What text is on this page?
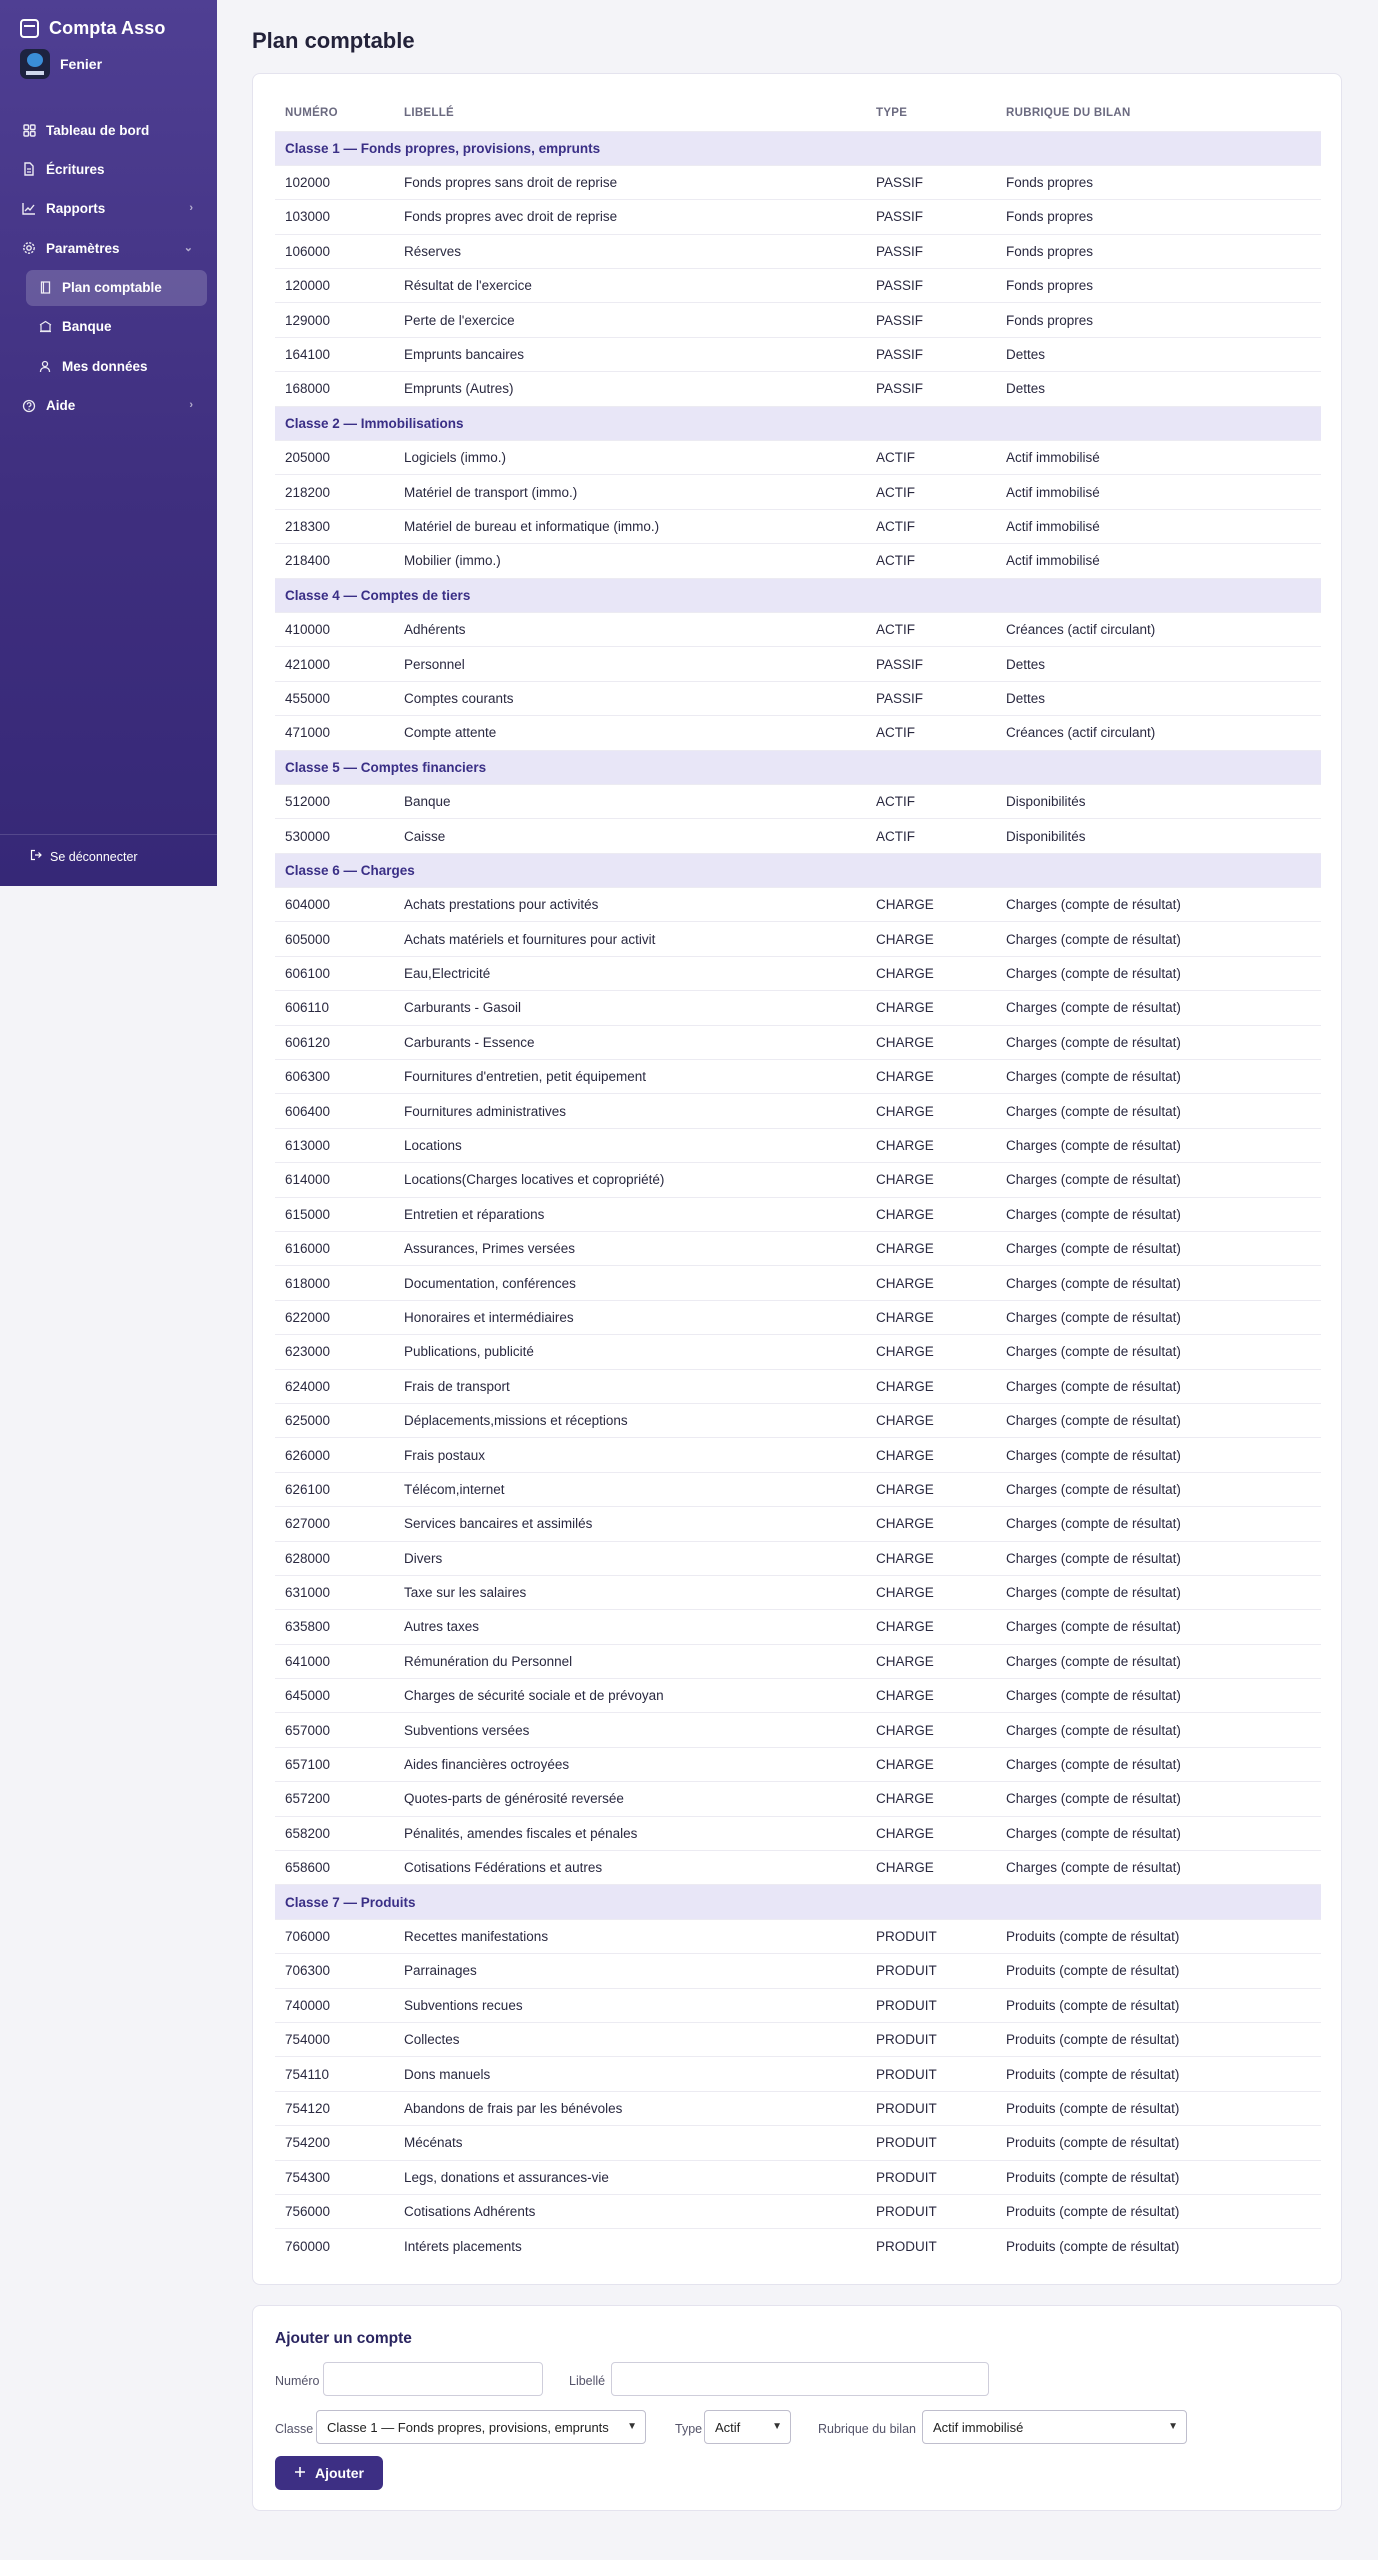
Compta Asso
Fenier
Tableau de bord
Écritures
Rapports	›
Paramètres	⌄
Plan comptable
Banque
Mes données
Aide	›
Se déconnecter
Plan comptable
NUMÉRO	LIBELLÉ	TYPE	RUBRIQUE DU BILAN
Classe 1 — Fonds propres, provisions, emprunts			
102000	Fonds propres sans droit de reprise	PASSIF	Fonds propres
103000	Fonds propres avec droit de reprise	PASSIF	Fonds propres
106000	Réserves	PASSIF	Fonds propres
120000	Résultat de l'exercice	PASSIF	Fonds propres
129000	Perte de l'exercice	PASSIF	Fonds propres
164100	Emprunts bancaires	PASSIF	Dettes
168000	Emprunts (Autres)	PASSIF	Dettes
Classe 2 — Immobilisations			
205000	Logiciels (immo.)	ACTIF	Actif immobilisé
218200	Matériel de transport (immo.)	ACTIF	Actif immobilisé
218300	Matériel de bureau et informatique (immo.)	ACTIF	Actif immobilisé
218400	Mobilier (immo.)	ACTIF	Actif immobilisé
Classe 4 — Comptes de tiers			
410000	Adhérents	ACTIF	Créances (actif circulant)
421000	Personnel	PASSIF	Dettes
455000	Comptes courants	PASSIF	Dettes
471000	Compte attente	ACTIF	Créances (actif circulant)
Classe 5 — Comptes financiers			
512000	Banque	ACTIF	Disponibilités
530000	Caisse	ACTIF	Disponibilités
Classe 6 — Charges			
604000	Achats prestations pour activités	CHARGE	Charges (compte de résultat)
605000	Achats matériels et fournitures pour activit	CHARGE	Charges (compte de résultat)
606100	Eau,Electricité	CHARGE	Charges (compte de résultat)
606110	Carburants - Gasoil	CHARGE	Charges (compte de résultat)
606120	Carburants - Essence	CHARGE	Charges (compte de résultat)
606300	Fournitures d'entretien, petit équipement	CHARGE	Charges (compte de résultat)
606400	Fournitures administratives	CHARGE	Charges (compte de résultat)
613000	Locations	CHARGE	Charges (compte de résultat)
614000	Locations(Charges locatives et copropriété)	CHARGE	Charges (compte de résultat)
615000	Entretien et réparations	CHARGE	Charges (compte de résultat)
616000	Assurances, Primes versées	CHARGE	Charges (compte de résultat)
618000	Documentation, conférences	CHARGE	Charges (compte de résultat)
622000	Honoraires et intermédiaires	CHARGE	Charges (compte de résultat)
623000	Publications, publicité	CHARGE	Charges (compte de résultat)
624000	Frais de transport	CHARGE	Charges (compte de résultat)
625000	Déplacements,missions et réceptions	CHARGE	Charges (compte de résultat)
626000	Frais postaux	CHARGE	Charges (compte de résultat)
626100	Télécom,internet	CHARGE	Charges (compte de résultat)
627000	Services bancaires et assimilés	CHARGE	Charges (compte de résultat)
628000	Divers	CHARGE	Charges (compte de résultat)
631000	Taxe sur les salaires	CHARGE	Charges (compte de résultat)
635800	Autres taxes	CHARGE	Charges (compte de résultat)
641000	Rémunération du Personnel	CHARGE	Charges (compte de résultat)
645000	Charges de sécurité sociale et de prévoyan	CHARGE	Charges (compte de résultat)
657000	Subventions versées	CHARGE	Charges (compte de résultat)
657100	Aides financières octroyées	CHARGE	Charges (compte de résultat)
657200	Quotes-parts de générosité reversée	CHARGE	Charges (compte de résultat)
658200	Pénalités, amendes fiscales et pénales	CHARGE	Charges (compte de résultat)
658600	Cotisations Fédérations et autres	CHARGE	Charges (compte de résultat)
Classe 7 — Produits			
706000	Recettes manifestations	PRODUIT	Produits (compte de résultat)
706300	Parrainages	PRODUIT	Produits (compte de résultat)
740000	Subventions recues	PRODUIT	Produits (compte de résultat)
754000	Collectes	PRODUIT	Produits (compte de résultat)
754110	Dons manuels	PRODUIT	Produits (compte de résultat)
754120	Abandons de frais par les bénévoles	PRODUIT	Produits (compte de résultat)
754200	Mécénats	PRODUIT	Produits (compte de résultat)
754300	Legs, donations et assurances-vie	PRODUIT	Produits (compte de résultat)
756000	Cotisations Adhérents	PRODUIT	Produits (compte de résultat)
760000	Intérets placements	PRODUIT	Produits (compte de résultat)
Ajouter un compte
Numéro	Libellé
Classe Classe 1 — Fonds propres, provisions, emprunts ▼	Type Actif	▼	Rubrique du bilan Actif immobilisé	▼
Ajouter
